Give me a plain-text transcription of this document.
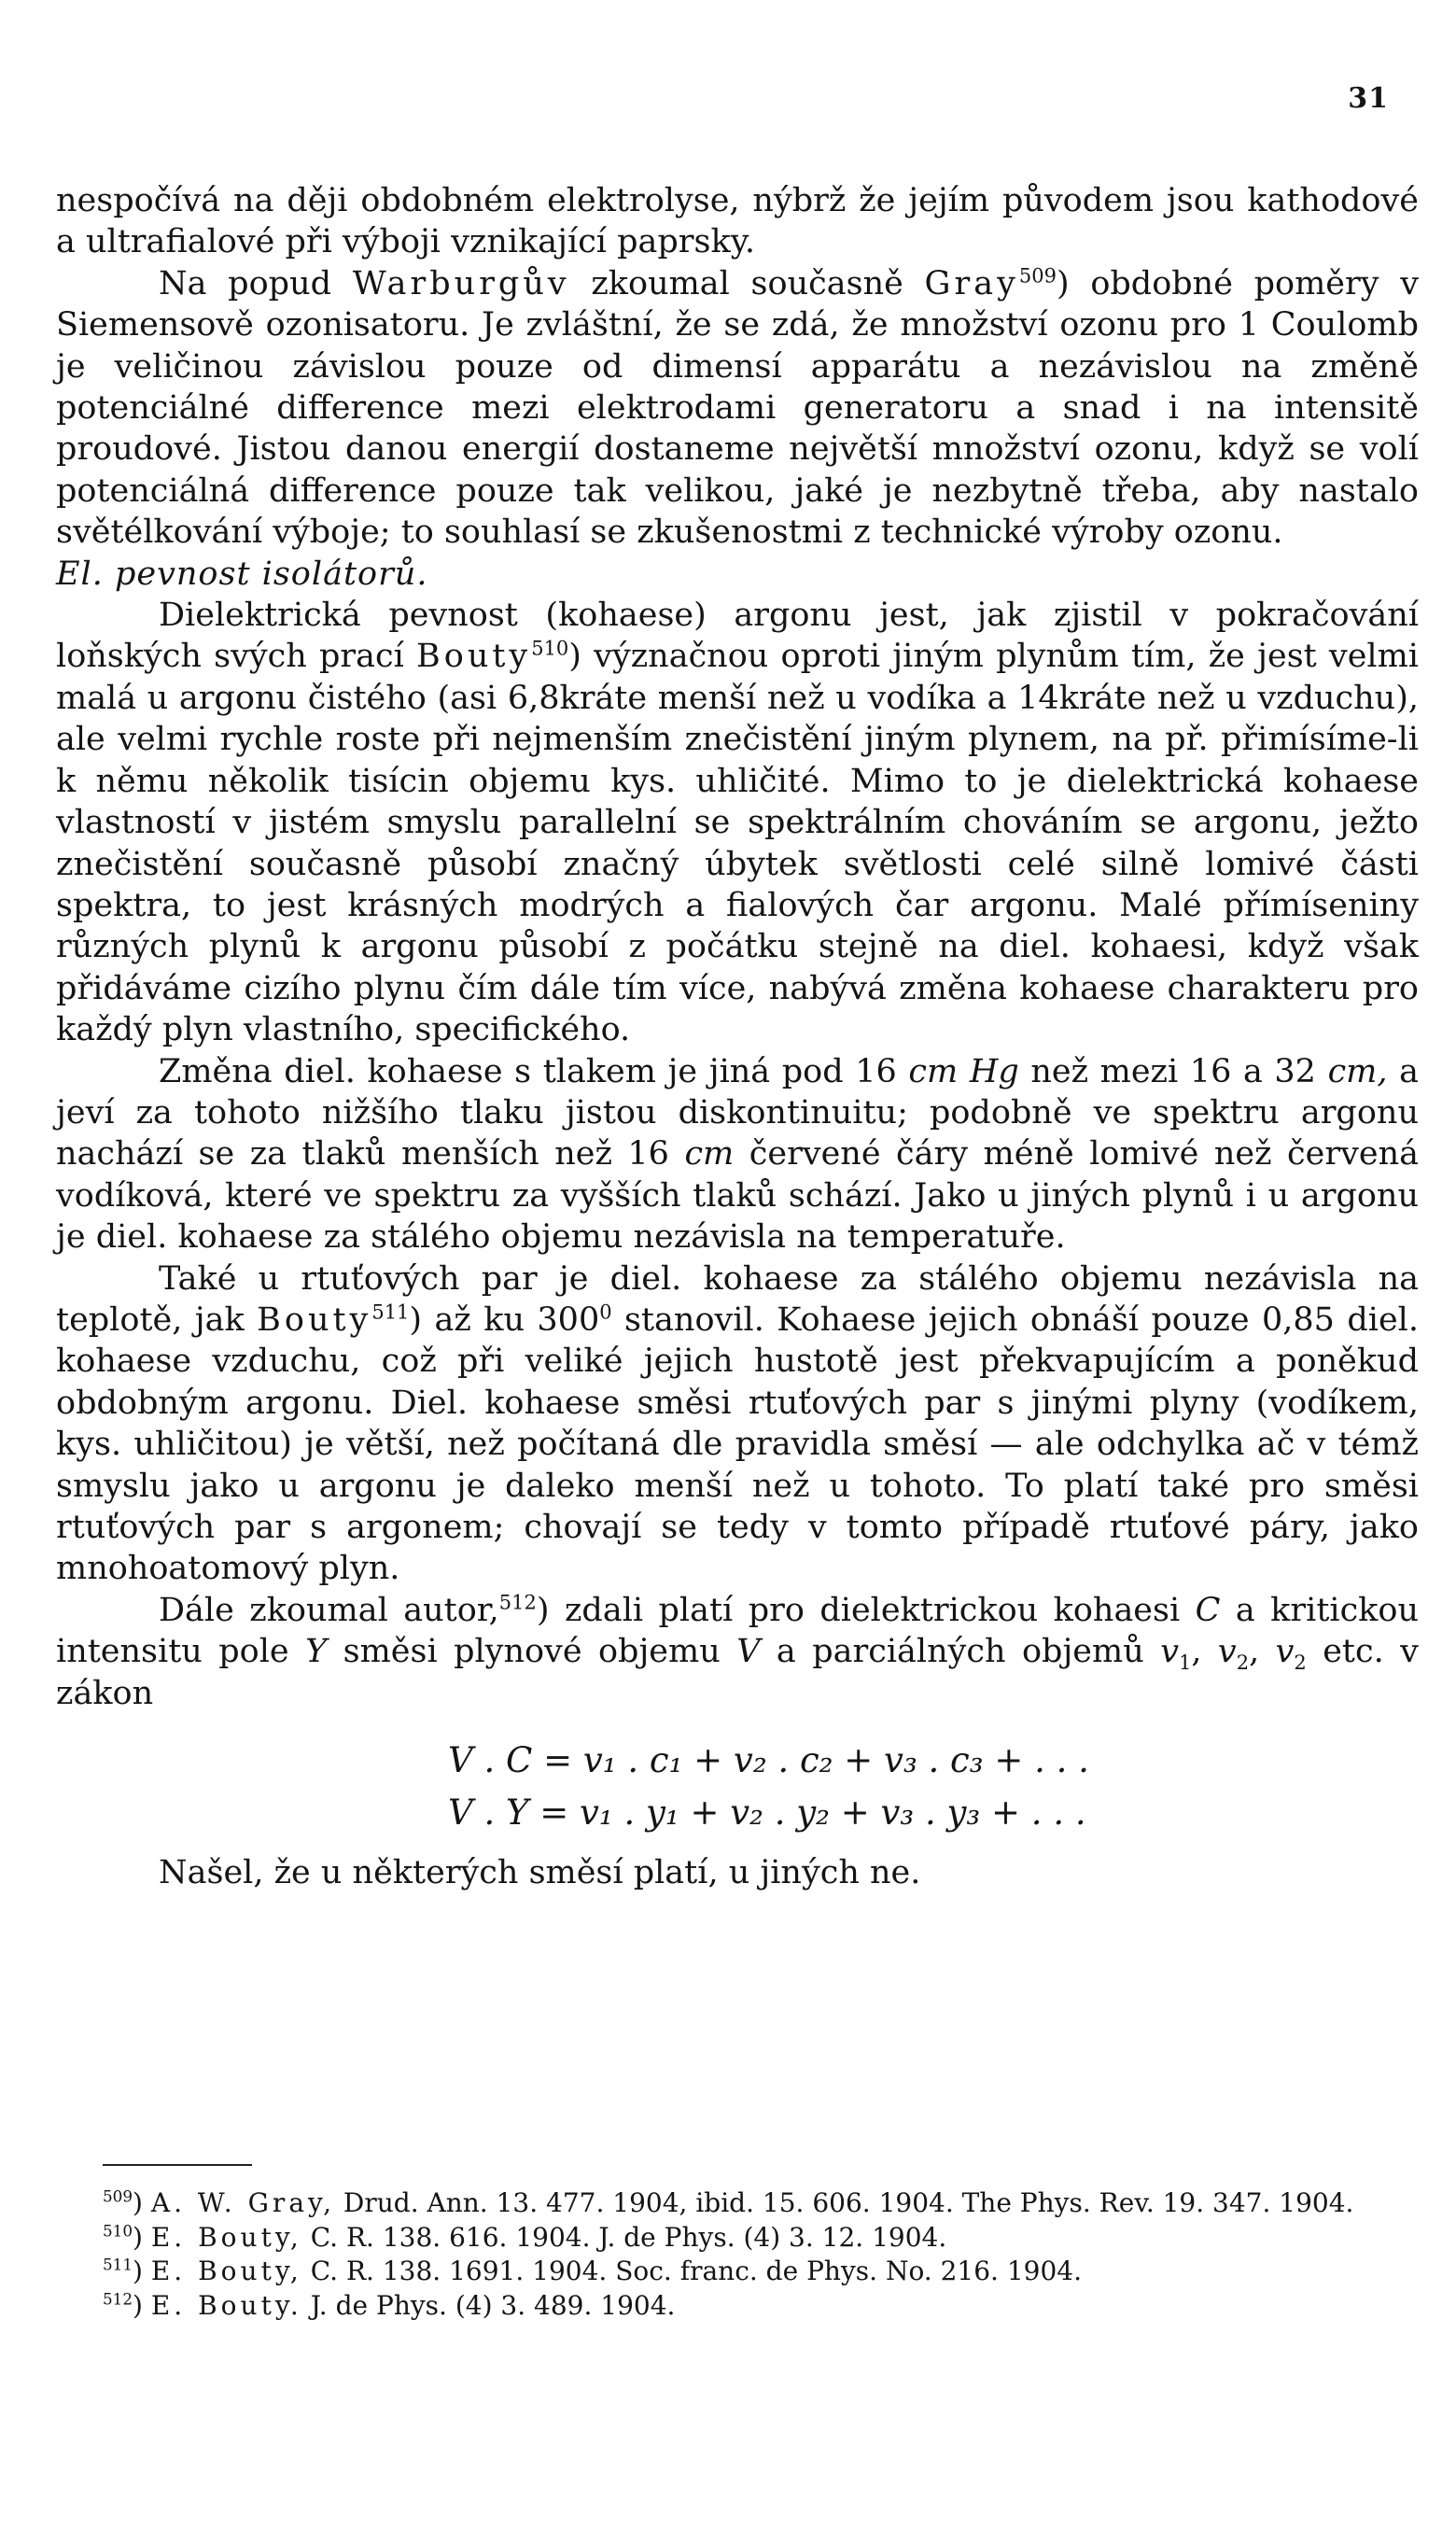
31

nespočívá na ději obdobném elektrolyse, nýbrž že jejím původem jsou kathodové a ultrafialové při výboji vznikající paprsky.

Na popud Warburgův zkoumal současně Gray$^{509}$) obdobné poměry v Siemensově ozonisatoru. Je zvláštní, že se zdá, že množství ozonu pro 1 Coulomb je veličinou závislou pouze od dimensí apparátu a nezávislou na změně potenciálné difference mezi elektrodami generatoru a snad i na intensitě proudové. Jistou danou energií dostaneme největší množství ozonu, když se volí potenciálná difference pouze tak velikou, jaké je nezbytně třeba, aby nastalo světélkování výboje; to souhlasí se zkušenostmi z technické výroby ozonu.

El. pevnost isolátorů.

Dielektrická pevnost (kohaese) argonu jest, jak zjistil v pokračování loňských svých prací Bouty$^{510}$) význačnou oproti jiným plynům tím, že jest velmi malá u argonu čistého (asi 6,8kráte menší než u vodíka a 14kráte než u vzduchu), ale velmi rychle roste při nejmenším znečistění jiným plynem, na př. přimísíme-li k němu několik tisícin objemu kys. uhličité. Mimo to je dielektrická kohaese vlastností v jistém smyslu parallelní se spektrálním chováním se argonu, ježto znečistění současně působí značný úbytek světlosti celé silně lomivé části spektra, to jest krásných modrých a fialových čar argonu. Malé přímíseniny různých plynů k argonu působí z počátku stejně na diel. kohaesi, když však přidáváme cizího plynu čím dále tím více, nabývá změna kohaese charakteru pro každý plyn vlastního, specifického.

Změna diel. kohaese s tlakem je jiná pod 16 cm Hg než mezi 16 a 32 cm, a jeví za tohoto nižšího tlaku jistou diskontinuitu; podobně ve spektru argonu nachází se za tlaků menších než 16 cm červené čáry méně lomivé než červená vodíková, které ve spektru za vyšších tlaků schází. Jako u jiných plynů i u argonu je diel. kohaese za stálého objemu nezávisla na temperatuře.

Také u rtuťových par je diel. kohaese za stálého objemu nezávisla na teplotě, jak Bouty$^{511}$) až ku $300^0$ stanovil. Kohaese jejich obnáší pouze 0,85 diel. kohaese vzduchu, což při veliké jejich hustotě jest překvapujícím a poněkud obdobným argonu. Diel. kohaese směsi rtuťových par s jinými plyny (vodíkem, kys. uhličitou) je větší, než počítaná dle pravidla směsí — ale odchylka ač v témž smyslu jako u argonu je daleko menší než u tohoto. To platí také pro směsi rtuťových par s argonem; chovají se tedy v tomto případě rtuťové páry, jako mnohoatomový plyn.

Dále zkoumal autor,$^{512}$) zdali platí pro dielektrickou kohaesi C a kritickou intensitu pole Y směsi plynové objemu V a parciálných objemů $v_1$, $v_2$, $v_2$ etc. v zákon

V . C = v₁ . c₁ + v₂ . c₂ + v₃ . c₃ + . . .
V . Y = v₁ . y₁ + v₂ . y₂ + v₃ . y₃ + . . .

Našel, že u některých směsí platí, u jiných ne.

$^{509}$) A. W. Gray, Drud. Ann. 13. 477. 1904, ibid. 15. 606. 1904. The Phys. Rev. 19. 347. 1904.

$^{510}$) E. Bouty, C. R. 138. 616. 1904. J. de Phys. (4) 3. 12. 1904.

$^{511}$) E. Bouty, C. R. 138. 1691. 1904. Soc. franc. de Phys. No. 216. 1904.

$^{512}$) E. Bouty. J. de Phys. (4) 3. 489. 1904.
